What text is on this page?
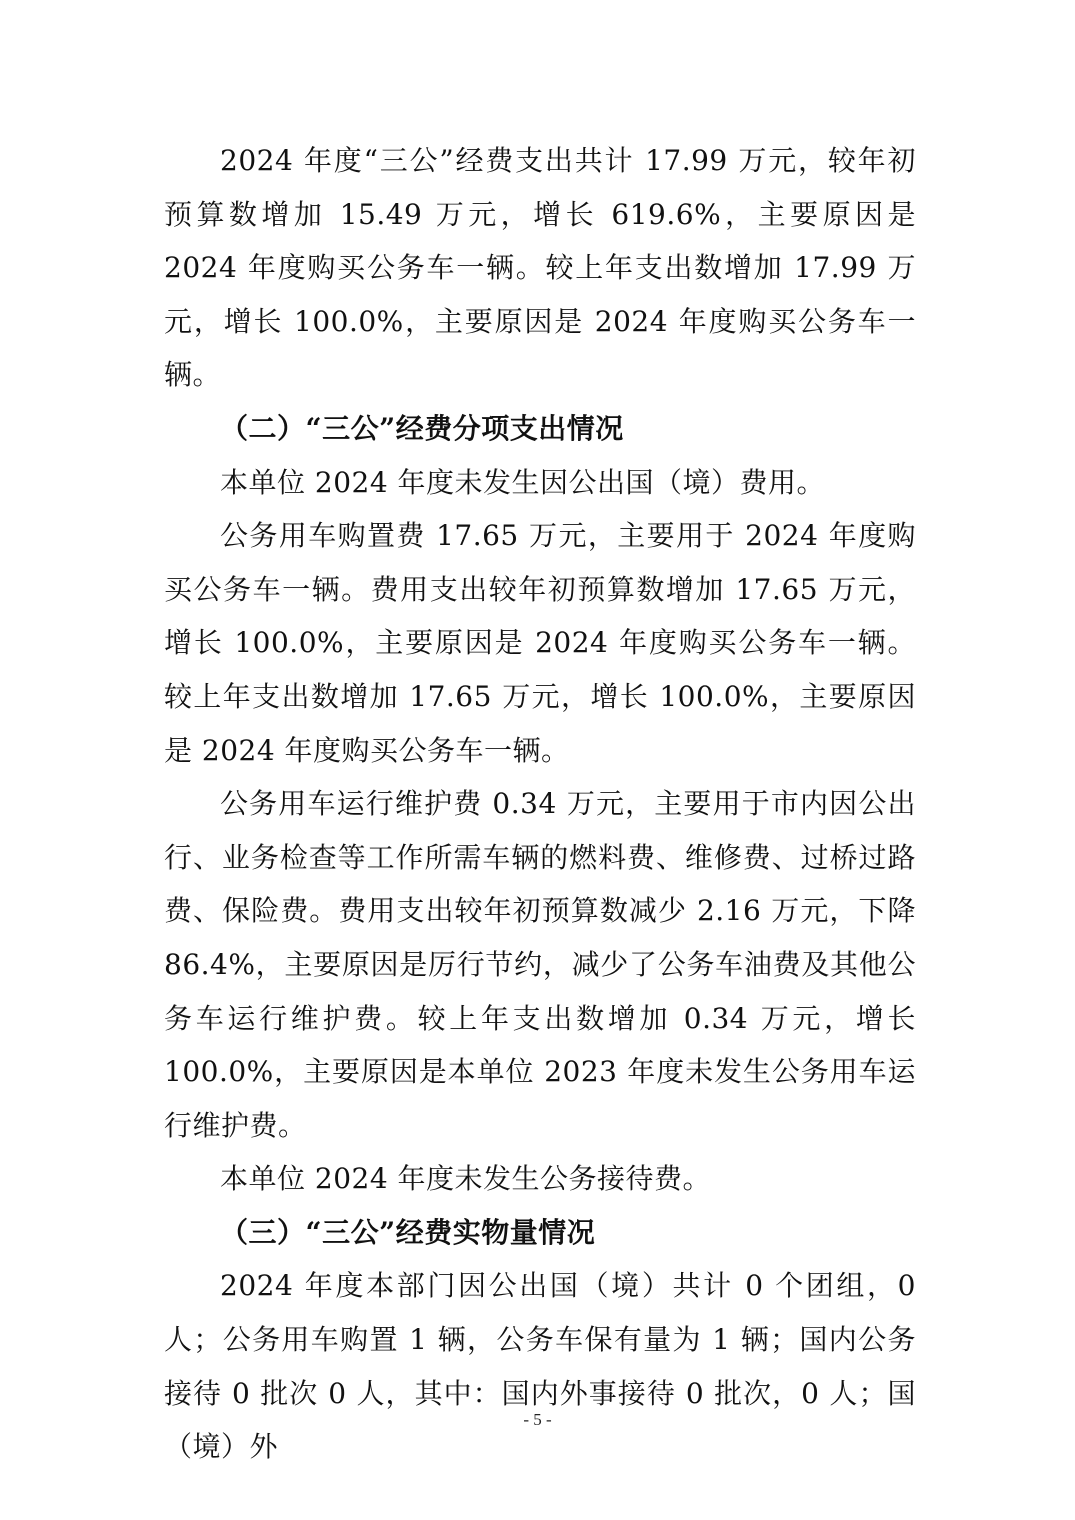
2024 年度“三公”经费支出共计 17.99 万元，较年初预算数增加 15.49 万元，增长 619.6%，主要原因是 2024 年度购买公务车一辆。较上年支出数增加 17.99 万元，增长 100.0%，主要原因是 2024 年度购买公务车一辆。

（二）“三公”经费分项支出情况

本单位 2024 年度未发生因公出国（境）费用。

公务用车购置费 17.65 万元，主要用于 2024 年度购买公务车一辆。费用支出较年初预算数增加 17.65 万元，增长 100.0%，主要原因是 2024 年度购买公务车一辆。较上年支出数增加 17.65 万元，增长 100.0%，主要原因是 2024 年度购买公务车一辆。

公务用车运行维护费 0.34 万元，主要用于市内因公出行、业务检查等工作所需车辆的燃料费、维修费、过桥过路费、保险费。费用支出较年初预算数减少 2.16 万元，下降 86.4%，主要原因是厉行节约，减少了公务车油费及其他公务车运行维护费。较上年支出数增加 0.34 万元，增长 100.0%，主要原因是本单位 2023 年度未发生公务用车运行维护费。

本单位 2024 年度未发生公务接待费。

（三）“三公”经费实物量情况

2024 年度本部门因公出国（境）共计 0 个团组，0 人；公务用车购置 1 辆，公务车保有量为 1 辆；国内公务接待 0 批次 0 人，其中：国内外事接待 0 批次，0 人；国（境）外

- 5 -
